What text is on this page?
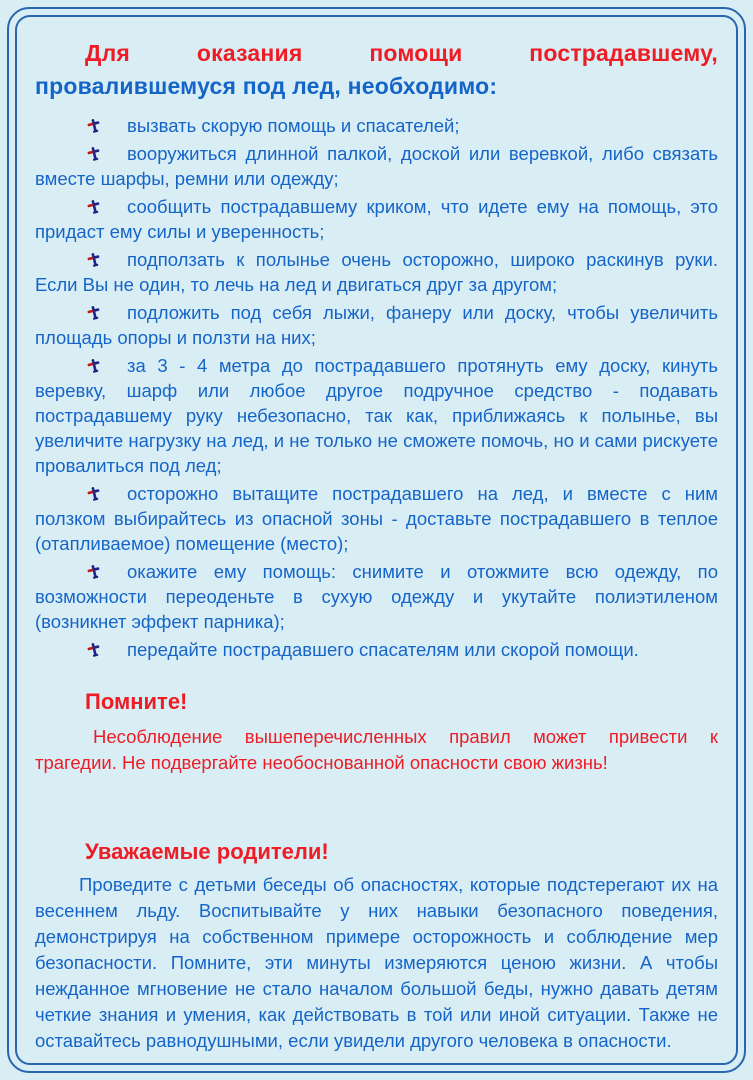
Для оказания помощи пострадавшему, провалившемуся под лед, необходимо:

вызвать скорую помощь и спасателей;

вооружиться длинной палкой, доской или веревкой, либо связать вместе шарфы, ремни или одежду;

сообщить пострадавшему криком, что идете ему на помощь, это придаст ему силы и уверенность;

подползать к полынье очень осторожно, широко раскинув руки. Если Вы не один, то лечь на лед и двигаться друг за другом;

подложить под себя лыжи, фанеру или доску, чтобы увеличить площадь опоры и ползти на них;

за 3 - 4 метра до пострадавшего протянуть ему доску, кинуть веревку, шарф или любое другое подручное средство - подавать пострадавшему руку небезопасно, так как, приближаясь к полынье, вы увеличите нагрузку на лед, и не только не сможете помочь, но и сами рискуете провалиться под лед;

осторожно вытащите пострадавшего на лед, и вместе с ним ползком выбирайтесь из опасной зоны - доставьте пострадавшего в теплое (отапливаемое) помещение (место);

окажите ему помощь: снимите и отожмите всю одежду, по возможности переоденьте в сухую одежду и укутайте полиэтиленом (возникнет эффект парника);

передайте пострадавшего спасателям или скорой помощи.

Помните!

Несоблюдение вышеперечисленных правил может привести к трагедии. Не подвергайте необоснованной опасности свою жизнь!

Уважаемые родители!

Проведите с детьми беседы об опасностях, которые подстерегают их на весеннем льду. Воспитывайте у них навыки безопасного поведения, демонстрируя на собственном примере осторожность и соблюдение мер безопасности. Помните, эти минуты измеряются ценою жизни. А чтобы нежданное мгновение не стало началом большой беды, нужно давать детям четкие знания и умения, как действовать в той или иной ситуации. Также не оставайтесь равнодушными, если увидели другого человека в опасности.
